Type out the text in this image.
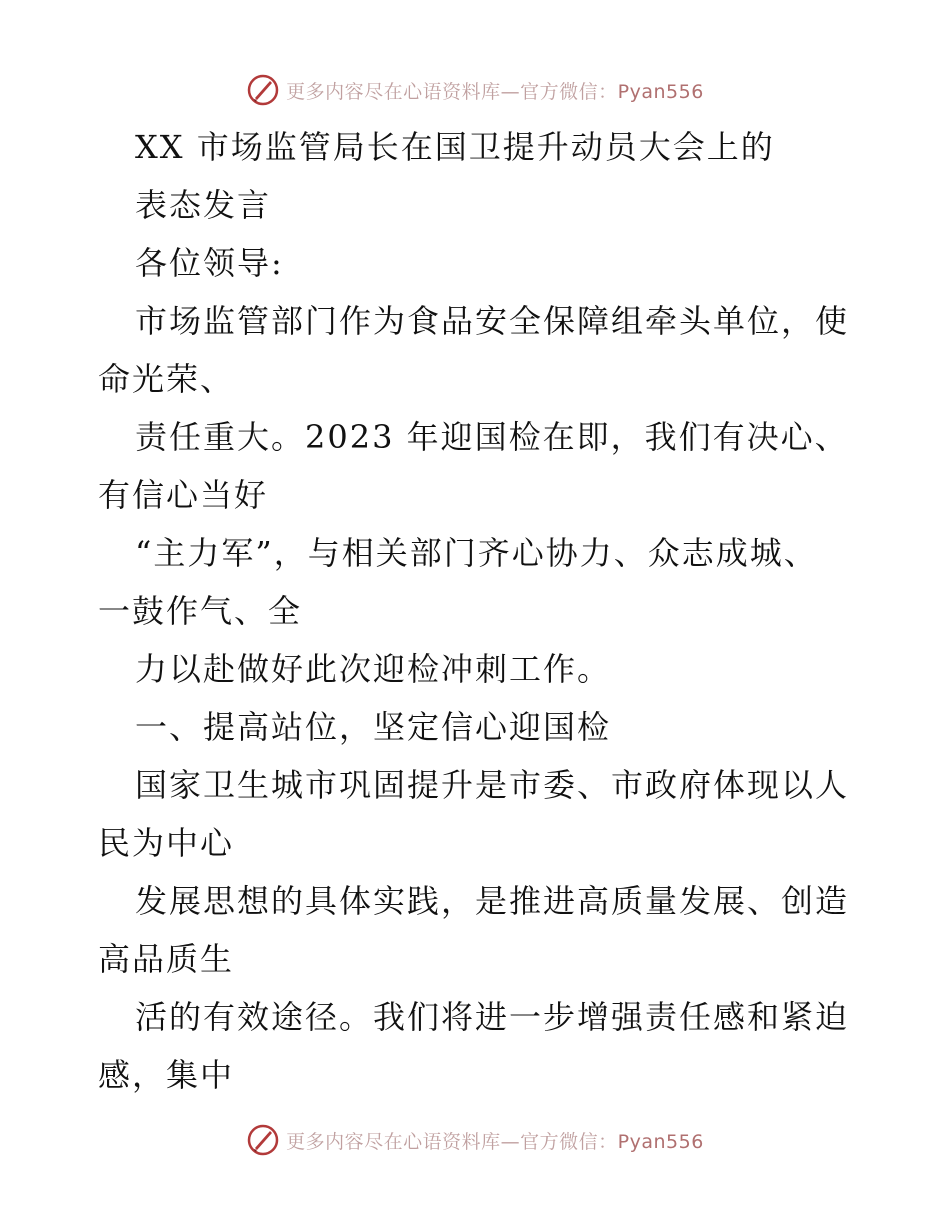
更多内容尽在心语资料库—官方微信：Pyan556
XX 市场监管局长在国卫提升动员大会上的
表态发言
各位领导:
市场监管部门作为食品安全保障组牵头单位，使
命光荣、
责任重大。2023 年迎国检在即，我们有决心、
有信心当好
“主力军”，与相关部门齐心协力、众志成城、
一鼓作气、全
力以赴做好此次迎检冲刺工作。
一、提高站位，坚定信心迎国检
国家卫生城市巩固提升是市委、市政府体现以人
民为中心
发展思想的具体实践，是推进高质量发展、创造
高品质生
活的有效途径。我们将进一步增强责任感和紧迫
感，集中
更多内容尽在心语资料库—官方微信：Pyan556
